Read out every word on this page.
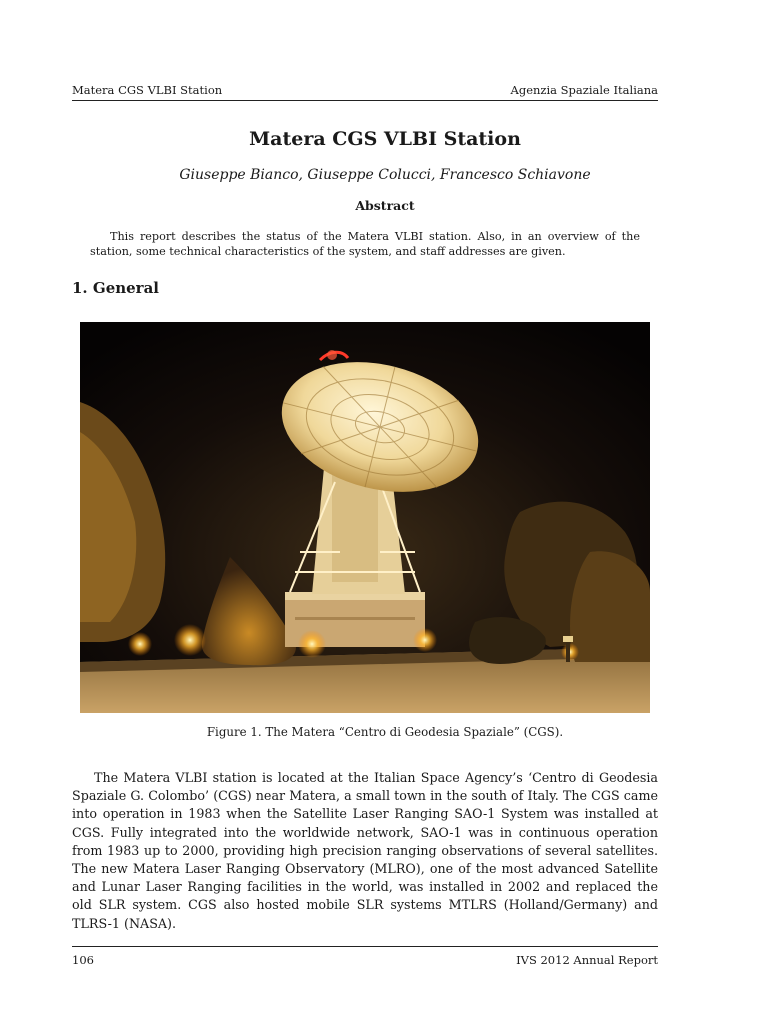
Matera CGS VLBI Station	Agenzia Spaziale Italiana
Matera CGS VLBI Station
Giuseppe Bianco, Giuseppe Colucci, Francesco Schiavone
Abstract
This report describes the status of the Matera VLBI station. Also, in an overview of the station, some technical characteristics of the system, and staff addresses are given.
1. General
Figure 1. The Matera “Centro di Geodesia Spaziale” (CGS).
The Matera VLBI station is located at the Italian Space Agency’s ‘Centro di Geodesia Spaziale G. Colombo’ (CGS) near Matera, a small town in the south of Italy. The CGS came into operation in 1983 when the Satellite Laser Ranging SAO-1 System was installed at CGS. Fully integrated into the worldwide network, SAO-1 was in continuous operation from 1983 up to 2000, providing high precision ranging observations of several satellites. The new Matera Laser Ranging Observatory (MLRO), one of the most advanced Satellite and Lunar Laser Ranging facilities in the world, was installed in 2002 and replaced the old SLR system. CGS also hosted mobile SLR systems MTLRS (Holland/Germany) and TLRS-1 (NASA).
106	IVS 2012 Annual Report
